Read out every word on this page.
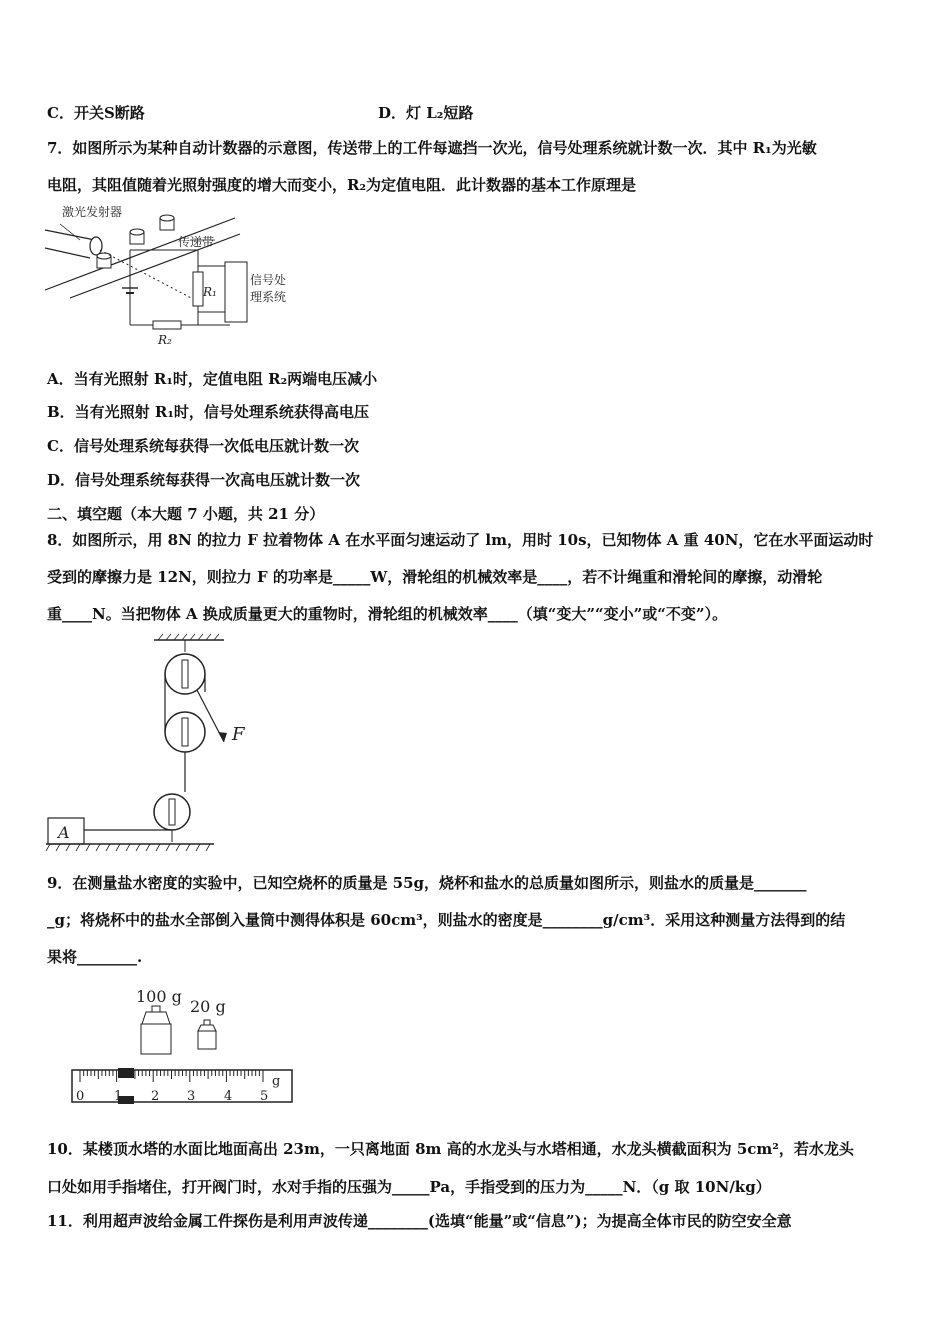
C．开关S断路	D．灯 L₂短路
7．如图所示为某种自动计数器的示意图，传送带上的工件每遮挡一次光，信号处理系统就计数一次．其中 R₁为光敏
电阻，其阻值随着光照射强度的增大而变小，R₂为定值电阻．此计数器的基本工作原理是
激光发射器
传递带
R₂
R₁
信号处
理系统
A．当有光照射 R₁时，定值电阻 R₂两端电压减小
B．当有光照射 R₁时，信号处理系统获得高电压
C．信号处理系统每获得一次低电压就计数一次
D．信号处理系统每获得一次高电压就计数一次
二、填空题（本大题 7 小题，共 21 分）
8．如图所示，用 8N 的拉力 F 拉着物体 A 在水平面匀速运动了 lm，用时 10s，已知物体 A 重 40N，它在水平面运动时
受到的摩擦力是 12N，则拉力 F 的功率是_____W，滑轮组的机械效率是____，若不计绳重和滑轮间的摩擦，动滑轮
重____N。当把物体 A 换成质量更大的重物时，滑轮组的机械效率____（填“变大”“变小”或“不变”）。
F
A
9．在测量盐水密度的实验中，已知空烧杯的质量是 55g，烧杯和盐水的总质量如图所示，则盐水的质量是_______
_g；将烧杯中的盐水全部倒入量筒中测得体积是 60cm³，则盐水的密度是________g/cm³．采用这种测量方法得到的结
果将________.
100 g
20 g
g
0 1 2 3 4 5
10．某楼顶水塔的水面比地面高出 23m，一只离地面 8m 高的水龙头与水塔相通，水龙头横截面积为 5cm²，若水龙头
口处如用手指堵住，打开阀门时，水对手指的压强为_____Pa，手指受到的压力为_____N．（g 取 10N/kg）
11．利用超声波给金属工件探伤是利用声波传递________(选填“能量”或“信息”)；为提高全体市民的防空安全意
